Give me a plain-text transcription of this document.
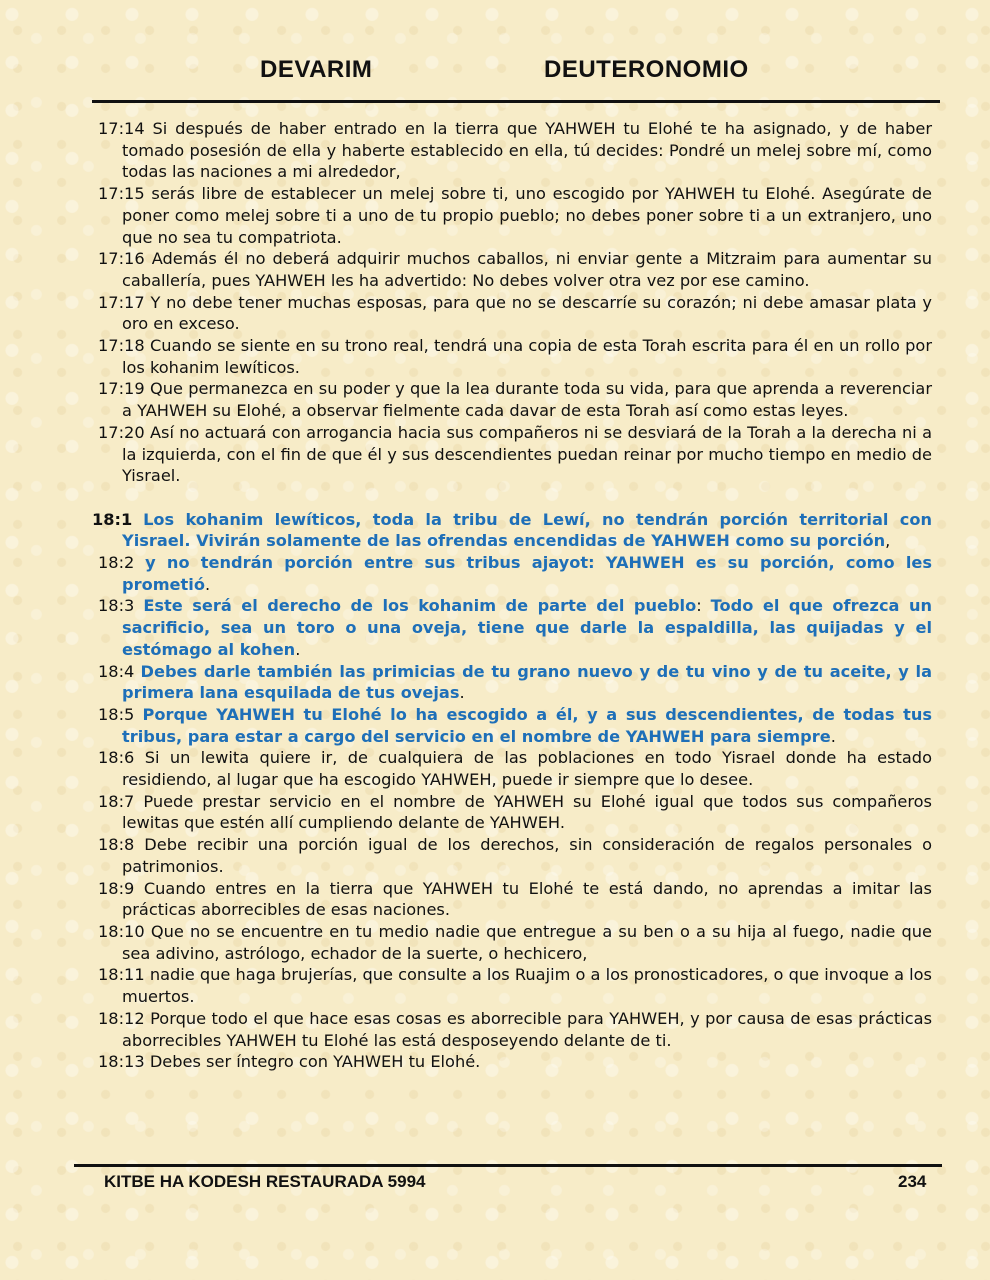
DEVARIM	DEUTERONOMIO

17:14 Si después de haber entrado en la tierra que YAHWEH tu Elohé te ha asignado, y de haber tomado posesión de ella y haberte establecido en ella, tú decides: Pondré un melej sobre mí, como todas las naciones a mi alrededor,

17:15 serás libre de establecer un melej sobre ti, uno escogido por YAHWEH tu Elohé. Asegúrate de poner como melej sobre ti a uno de tu propio pueblo; no debes poner sobre ti a un extranjero, uno que no sea tu compatriota.

17:16 Además él no deberá adquirir muchos caballos, ni enviar gente a Mitzraim para aumentar su caballería, pues YAHWEH les ha advertido: No debes volver otra vez por ese camino.

17:17 Y no debe tener muchas esposas, para que no se descarríe su corazón; ni debe amasar plata y oro en exceso.

17:18 Cuando se siente en su trono real, tendrá una copia de esta Torah escrita para él en un rollo por los kohanim lewíticos.

17:19 Que permanezca en su poder y que la lea durante toda su vida, para que aprenda a reverenciar a YAHWEH su Elohé, a observar fielmente cada davar de esta Torah así como estas leyes.

17:20 Así no actuará con arrogancia hacia sus compañeros ni se desviará de la Torah a la derecha ni a la izquierda, con el fin de que él y sus descendientes puedan reinar por mucho tiempo en medio de Yisrael.

18:1 Los kohanim lewíticos, toda la tribu de Lewí, no tendrán porción territorial con Yisrael. Vivirán solamente de las ofrendas encendidas de YAHWEH como su porción,

18:2 y no tendrán porción entre sus tribus ajayot: YAHWEH es su porción, como les prometió.

18:3 Este será el derecho de los kohanim de parte del pueblo: Todo el que ofrezca un sacrificio, sea un toro o una oveja, tiene que darle la espaldilla, las quijadas y el estómago al kohen.

18:4 Debes darle también las primicias de tu grano nuevo y de tu vino y de tu aceite, y la primera lana esquilada de tus ovejas.

18:5 Porque YAHWEH tu Elohé lo ha escogido a él, y a sus descendientes, de todas tus tribus, para estar a cargo del servicio en el nombre de YAHWEH para siempre.

18:6 Si un lewita quiere ir, de cualquiera de las poblaciones en todo Yisrael donde ha estado residiendo, al lugar que ha escogido YAHWEH, puede ir siempre que lo desee.

18:7 Puede prestar servicio en el nombre de YAHWEH su Elohé igual que todos sus compañeros lewitas que estén allí cumpliendo delante de YAHWEH.

18:8 Debe recibir una porción igual de los derechos, sin consideración de regalos personales o patrimonios.

18:9 Cuando entres en la tierra que YAHWEH tu Elohé te está dando, no aprendas a imitar las prácticas aborrecibles de esas naciones.

18:10 Que no se encuentre en tu medio nadie que entregue a su ben o a su hija al fuego, nadie que sea adivino, astrólogo, echador de la suerte, o hechicero,

18:11 nadie que haga brujerías, que consulte a los Ruajim o a los pronosticadores, o que invoque a los muertos.

18:12 Porque todo el que hace esas cosas es aborrecible para YAHWEH, y por causa de esas prácticas aborrecibles YAHWEH tu Elohé las está desposeyendo delante de ti.

18:13 Debes ser íntegro con YAHWEH tu Elohé.

KITBE HA KODESH RESTAURADA 5994	234
